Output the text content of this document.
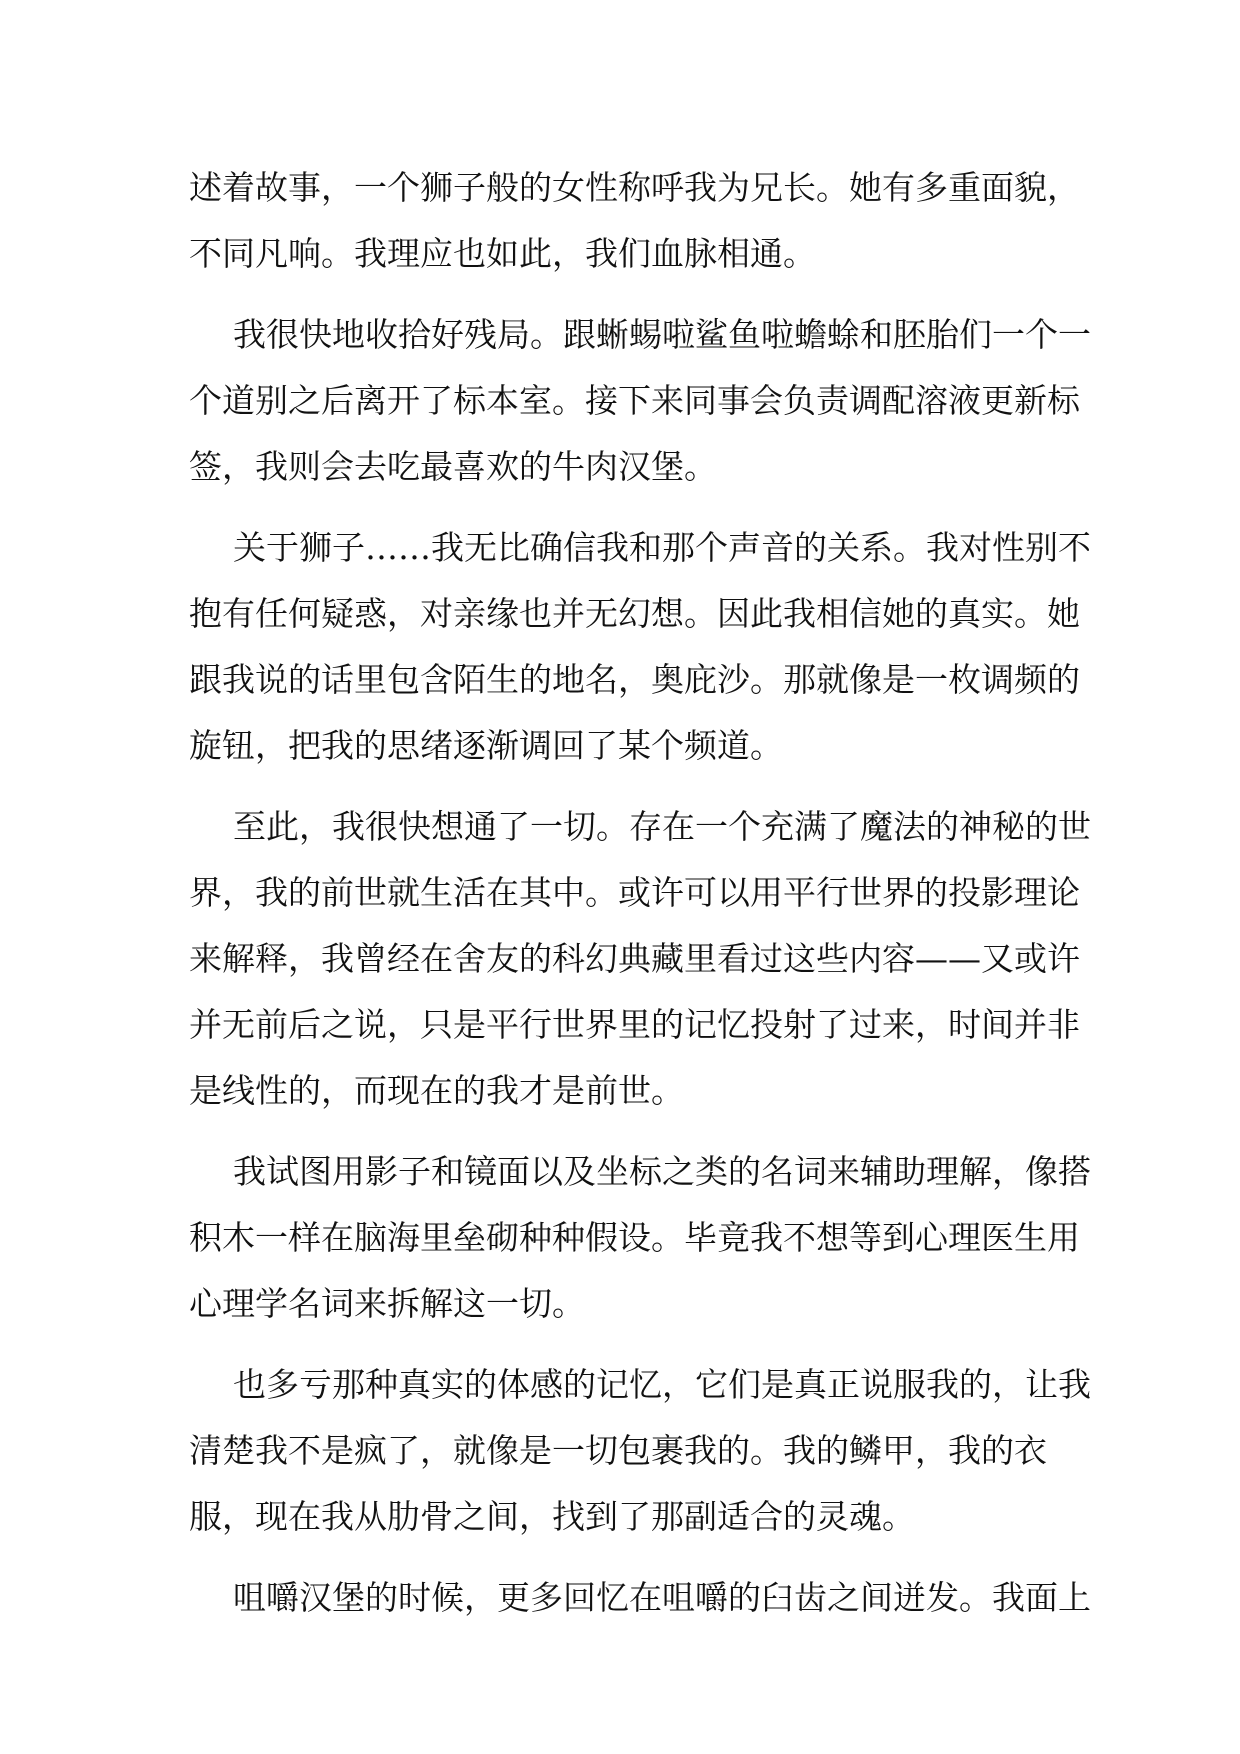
述着故事，一个狮子般的女性称呼我为兄长。她有多重面貌，
不同凡响。我理应也如此，我们血脉相通。

我很快地收拾好残局。跟蜥蜴啦鲨鱼啦蟾蜍和胚胎们一个一
个道别之后离开了标本室。接下来同事会负责调配溶液更新标
签，我则会去吃最喜欢的牛肉汉堡。

关于狮子……我无比确信我和那个声音的关系。我对性别不
抱有任何疑惑，对亲缘也并无幻想。因此我相信她的真实。她
跟我说的话里包含陌生的地名，奥庇沙。那就像是一枚调频的
旋钮，把我的思绪逐渐调回了某个频道。

至此，我很快想通了一切。存在一个充满了魔法的神秘的世
界，我的前世就生活在其中。或许可以用平行世界的投影理论
来解释，我曾经在舍友的科幻典藏里看过这些内容——又或许
并无前后之说，只是平行世界里的记忆投射了过来，时间并非
是线性的，而现在的我才是前世。

我试图用影子和镜面以及坐标之类的名词来辅助理解，像搭
积木一样在脑海里垒砌种种假设。毕竟我不想等到心理医生用
心理学名词来拆解这一切。

也多亏那种真实的体感的记忆，它们是真正说服我的，让我
清楚我不是疯了，就像是一切包裹我的。我的鳞甲，我的衣
服，现在我从肋骨之间，找到了那副适合的灵魂。

咀嚼汉堡的时候，更多回忆在咀嚼的臼齿之间迸发。我面上
